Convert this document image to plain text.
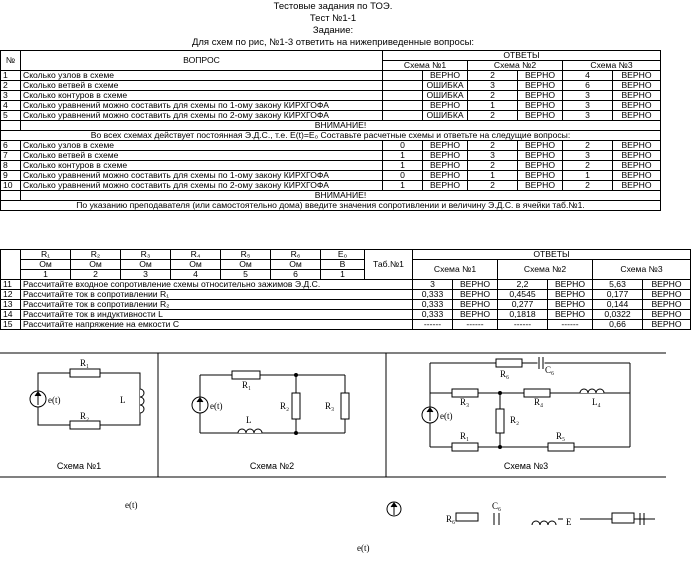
Тестовые задания по ТОЭ.
Тест №1-1
Задание:
Для схем по рис, №1-3 ответить на нижеприведенные вопросы:
№	ВОПРОС	ОТВЕТЫ					
		Схема №1		Схема №2		Схема №3	
1	Сколько узлов в схеме		ВЕРНО	2	ВЕРНО	4	ВЕРНО
2	Сколько ветвей в схеме		ОШИБКА	3	ВЕРНО	6	ВЕРНО
3	Сколько контуров в схеме		ОШИБКА	2	ВЕРНО	3	ВЕРНО
4	Сколько уравнений можно составить для схемы по 1-ому закону КИРХГОФА		ВЕРНО	1	ВЕРНО	3	ВЕРНО
5	Сколько уравнений можно составить для схемы по 2-ому закону КИРХГОФА		ОШИБКА	2	ВЕРНО	3	ВЕРНО
	ВНИМАНИЕ!						
Во всех схемах действует постоянная Э.Д.С., т.е. E(t)=E₀ Составьте расчетные схемы и ответьте на следущие вопросы:							
6	Сколько узлов в схеме	0	ВЕРНО	2	ВЕРНО	2	ВЕРНО
7	Сколько ветвей в схеме	1	ВЕРНО	3	ВЕРНО	3	ВЕРНО
8	Сколько контуров в схеме	1	ВЕРНО	2	ВЕРНО	2	ВЕРНО
9	Сколько уравнений можно составить для схемы по 1-ому закону КИРХГОФА	0	ВЕРНО	1	ВЕРНО	1	ВЕРНО
10	Сколько уравнений можно составить для схемы по 2-ому закону КИРХГОФА	1	ВЕРНО	2	ВЕРНО	2	ВЕРНО
	ВНИМАНИЕ!						
По указанию преподавателя (или самостоятельно дома) введите значения сопротивлении и величину Э.Д.С. в ячейки таб.№1.							
	R₁	R₂	R₃	R₄	R₅	R₆	E₀	Таб.№1	ОТВЕТЫ					
	Ом	Ом	Ом	Ом	Ом	Ом	В		Схема №1		Схема №2		Схема №3	
	1	2	3	4	5	6	1							
11	Рассчитайте входное сопротивление схемы относительно зажимов Э.Д.С.								3	ВЕРНО	2,2	ВЕРНО	5,63	ВЕРНО
12	Рассчитайте ток в сопротивлении R₁								0,333	ВЕРНО	0,4545	ВЕРНО	0,177	ВЕРНО
13	Рассчитайте ток в сопротивлении R₂								0,333	ВЕРНО	0,277	ВЕРНО	0,144	ВЕРНО
14	Рассчитайте ток в индуктивности L								0,333	ВЕРНО	0,1818	ВЕРНО	0,0322	ВЕРНО
15	Рассчитайте напряжение на емкости C								------	------	------	------	0,66	ВЕРНО
R₁
R₂
L
e(t)
R₁
R₂	R₃
L
e(t)
R₆	C₆
R₃	R₄	L₄
R₂
R₁	R₅
e(t)
Схема №1	Схема №2	Схема №3
e(t)
e(t)
R₆
C₆
E
